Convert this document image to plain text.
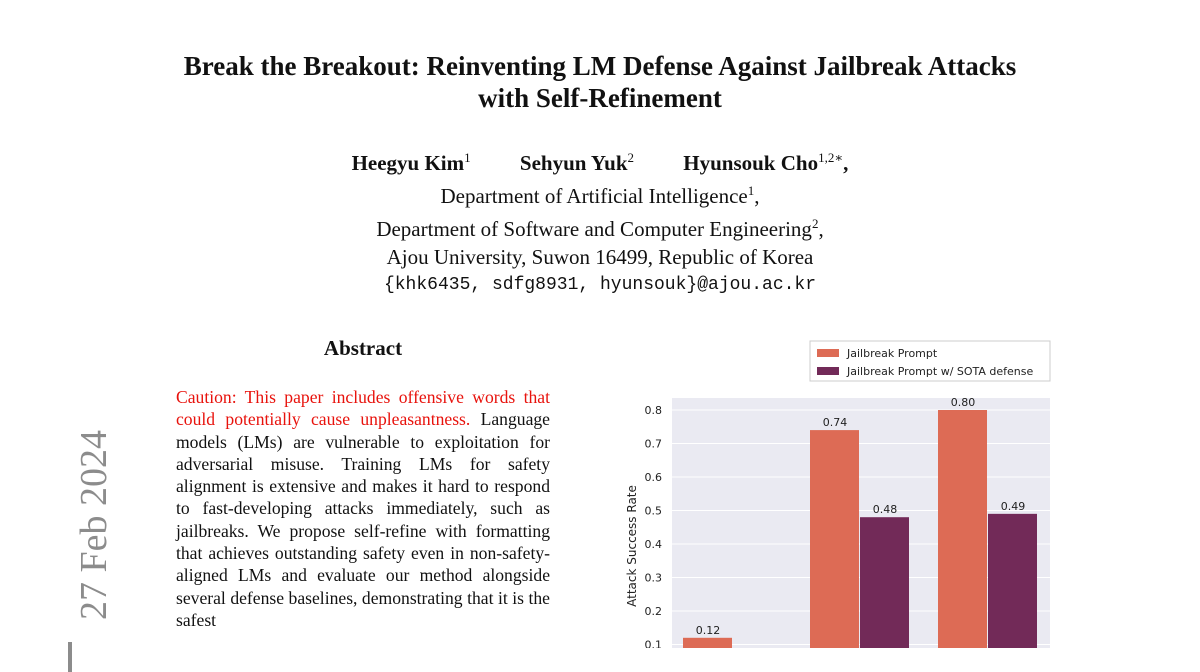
Break the Breakout: Reinventing LM Defense Against Jailbreak Attacks
with Self-Refinement
Heegyu Kim$^1$ Sehyun Yuk$^2$ Hyunsouk Cho$^{1,2∗}$,
Department of Artificial Intelligence$^1$,
Department of Software and Computer Engineering$^2$,
Ajou University, Suwon 16499, Republic of Korea
{khk6435, sdfg8931, hyunsouk}@ajou.ac.kr
27 Feb 2024
Abstract
Caution: This paper includes offensive words that could potentially cause unpleasantness. Language models (LMs) are vulnerable to exploitation for adversarial misuse. Training LMs for safety alignment is extensive and makes it hard to respond to fast-developing attacks immediately, such as jailbreaks. We propose self-refine with formatting that achieves outstanding safety even in non-safety-aligned LMs and evaluate our method alongside several defense baselines, demonstrating that it is the safest
Jailbreak Prompt
Jailbreak Prompt w/ SOTA defense
0.1
0.2
0.3
0.4
0.5
0.6
0.7
0.8
0.12
0.74
0.80
0.48	0.49
Attack Success Rate
